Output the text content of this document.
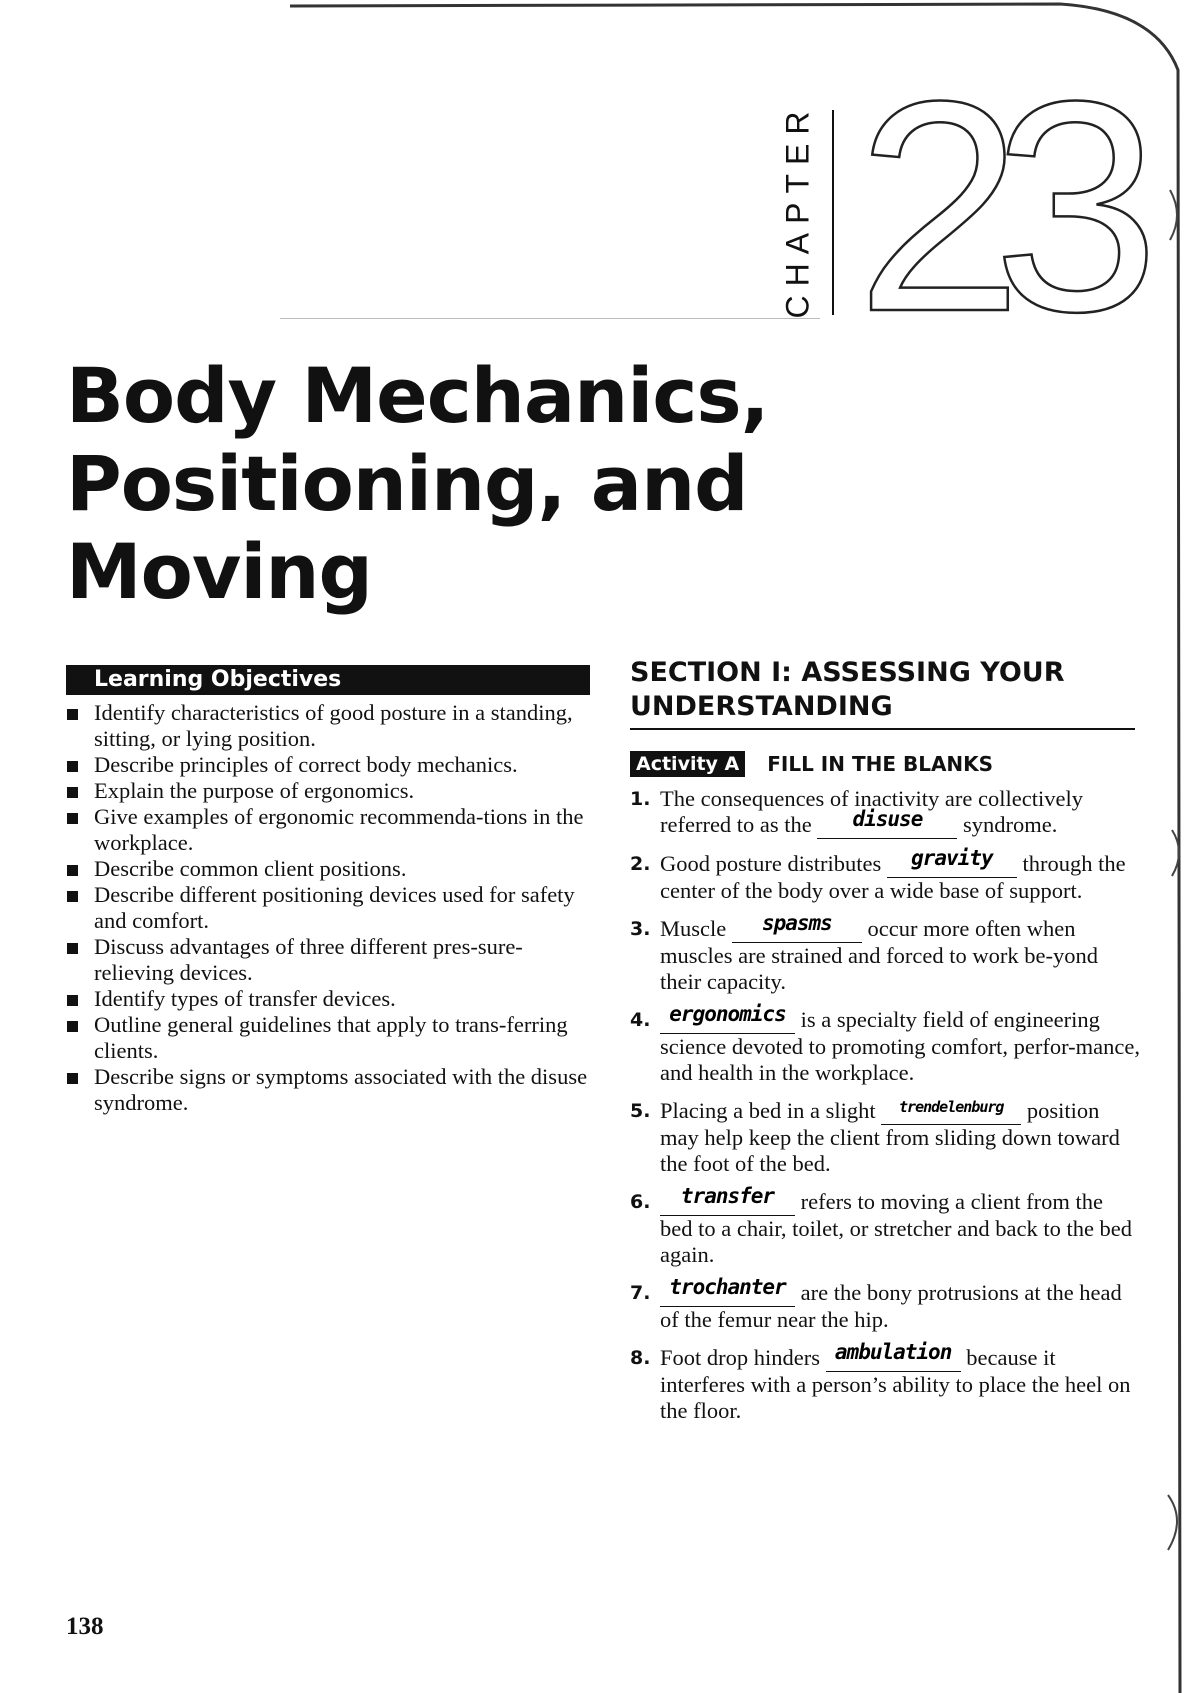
CHAPTER 23
Body Mechanics,
Positioning, and Moving
Learning Objectives
Identify characteristics of good posture in a standing, sitting, or lying position.
Describe principles of correct body mechanics.
Explain the purpose of ergonomics.
Give examples of ergonomic recommenda-tions in the workplace.
Describe common client positions.
Describe different positioning devices used for safety and comfort.
Discuss advantages of three different pres-sure-relieving devices.
Identify types of transfer devices.
Outline general guidelines that apply to trans-ferring clients.
Describe signs or symptoms associated with the disuse syndrome.
SECTION I: ASSESSING YOUR UNDERSTANDING
Activity A	FILL IN THE BLANKS
1. The consequences of inactivity are collectively referred to as the disuse syndrome.
2. Good posture distributes gravity through the center of the body over a wide base of support.
3. Muscle spasms occur more often when muscles are strained and forced to work be-yond their capacity.
4. ergonomics is a specialty field of engineering science devoted to promoting comfort, perfor-mance, and health in the workplace.
5. Placing a bed in a slight $^{trendelenburg}$ position may help keep the client from sliding down toward the foot of the bed.
6. transfer refers to moving a client from the bed to a chair, toilet, or stretcher and back to the bed again.
7. trochanter are the bony protrusions at the head of the femur near the hip.
8. Foot drop hinders ambulation because it interferes with a person’s ability to place the heel on the floor.

138
